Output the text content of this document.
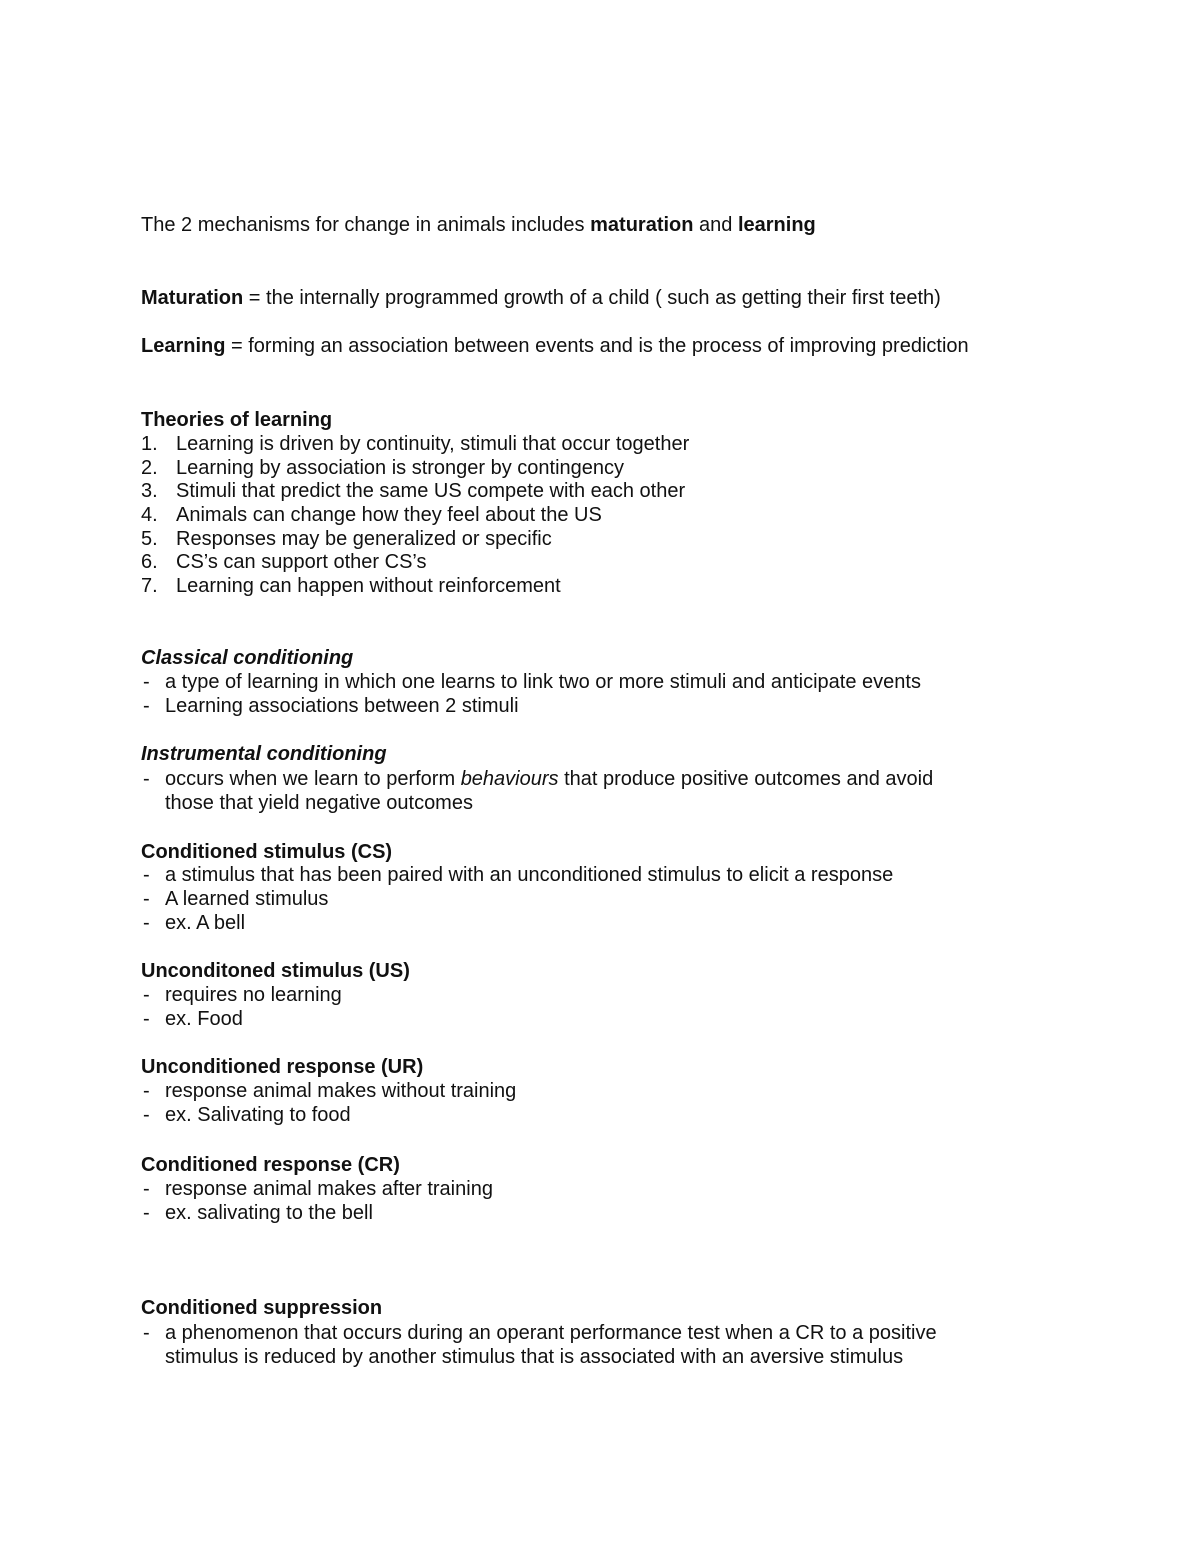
The 2 mechanisms for change in animals includes maturation and learning
Maturation = the internally programmed growth of a child ( such as getting their first teeth)
Learning = forming an association between events and is the process of improving prediction
Theories of learning
1. Learning is driven by continuity, stimuli that occur together
2. Learning by association is stronger by contingency
3. Stimuli that predict the same US compete with each other
4. Animals can change how they feel about the US
5. Responses may be generalized or specific
6. CS’s can support other CS’s
7. Learning can happen without reinforcement
Classical conditioning
- a type of learning in which one learns to link two or more stimuli and anticipate events
- Learning associations between 2 stimuli
Instrumental conditioning
- occurs when we learn to perform behaviours that produce positive outcomes and avoid
those that yield negative outcomes
Conditioned stimulus (CS)
- a stimulus that has been paired with an unconditioned stimulus to elicit a response
- A learned stimulus
- ex. A bell
Unconditoned stimulus (US)
- requires no learning
- ex. Food
Unconditioned response (UR)
- response animal makes without training
- ex. Salivating to food
Conditioned response (CR)
- response animal makes after training
- ex. salivating to the bell
Conditioned suppression
- a phenomenon that occurs during an operant performance test when a CR to a positive
stimulus is reduced by another stimulus that is associated with an aversive stimulus
